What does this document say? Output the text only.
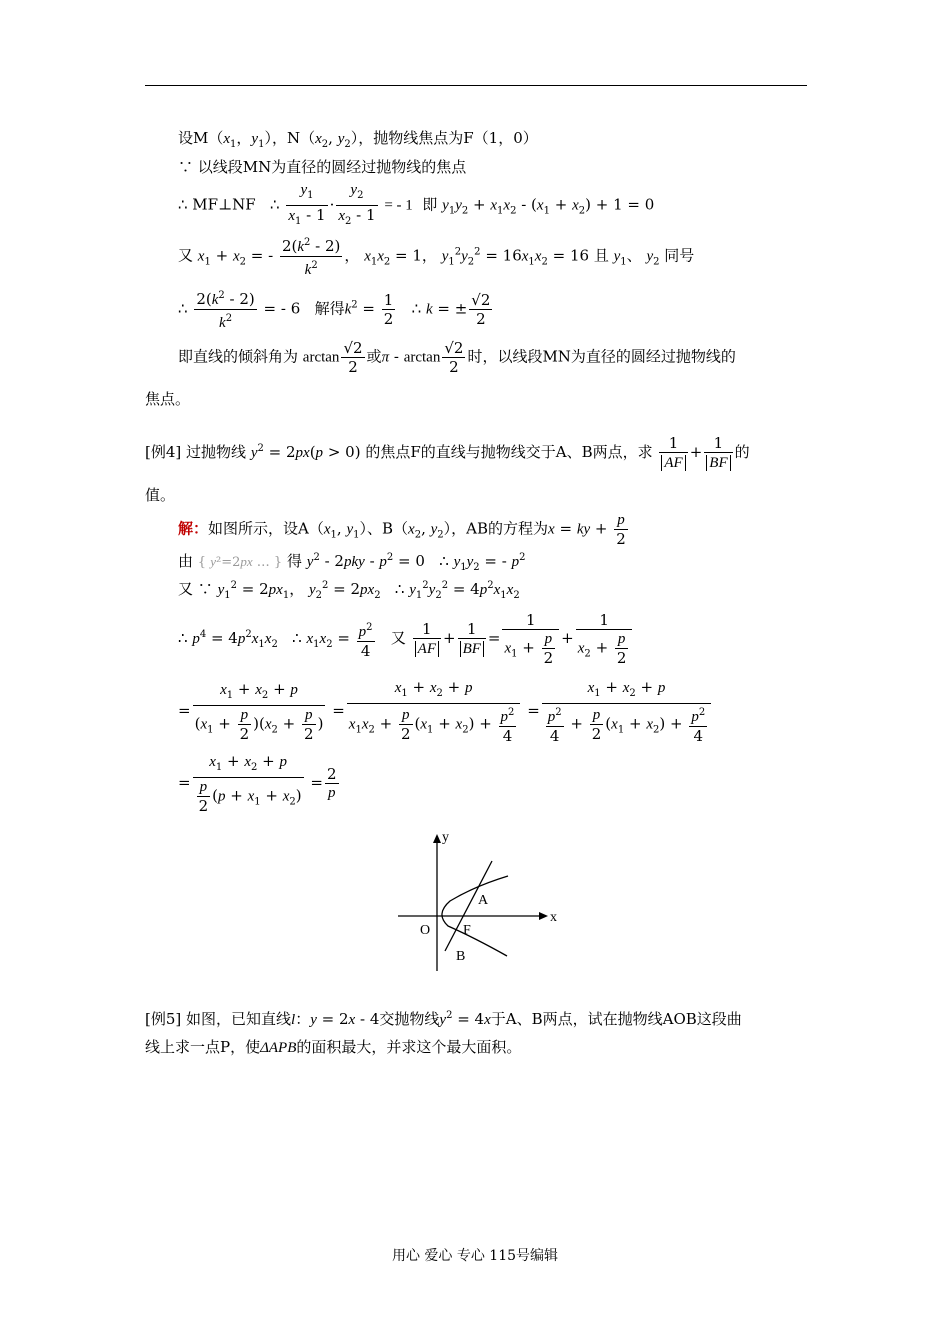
设$M(x_1$，$y_1$），$N(x_2$, $y_2$），抛物线焦点为F（1，0）
∵ 以线段MN为直径的圆经过抛物线的焦点
∴ MF⊥NF ∴ $\frac{y_1}{x_1 - 1} \cdot \frac{y_2}{x_2 - 1}$ = - 1 即 $y_1y_2 + x_1x_2 - (x_1 + x_2) + 1 = 0$
又 $x_1 + x_2$ = - $\frac{2(k^2 - 2)}{k^2}$ ， $x_1x_2 = 1$， $y_1^2y_2^2 = 16x_1x_2 = 16$ 且 $y_1$、 $y_2$ 同号
∴ $\frac{2(k^2 - 2)}{k^2}$ = - 6   解得$k^2 = \frac{1}{2}$ ∴ k = ± $\frac{√2}{2}$
即直线的倾斜角为 $\arctan \frac{√2}{2}$ 或π - $\arctan \frac{√2}{2}$ 时，以线段MN为直径的圆经过抛物线的
焦点。
[例4] 过抛物线 $y^2 = 2px(p > 0)$ 的焦点F的直线与抛物线交于A、B两点，求 $\frac{1}{AF} + \frac{1}{BF}$ 的
值。
解：如图所示，设$A(x_1$, $y_1$）、$B(x_2$, $y_2$），AB的方程为x = ky + $\frac{p}{2}$
由 { y²=2px … } 得 $y^2 - 2pky - p^2 = 0$   ∴ $y_1y_2$ = - $p^2$
又 ∵ $y_1^2 = 2px_1$， $y_2^2 = 2px_2$ ∴ $y_1^2y_2^2 = 4p^2x_1x_2$
∴ $p^4 = 4p^2x_1x_2$ ∴ $x_1x_2 = \frac{p^2}{4}$ 又 $\frac{1}{AF} + \frac{1}{BF} = \frac{1}{x_1 + \frac{p}{2}} + \frac{1}{x_2 + \frac{p}{2}}$
= $\frac{x_1 + x_2 + p}{(x_1 + \frac{p}{2} )(x_2 + \frac{p}{2} )} = \frac{x_1 + x_2 + p}{x_1x_2 + \frac{p}{2} (x_1 + x_2) + \frac{p^2}{4}} = \frac{x_1 + x_2 + p}{\frac{p^2}{4} + \frac{p}{2} (x_1 + x_2) + \frac{p^2}{4}}$
= $\frac{x_1 + x_2 + p}{\frac{p}{2} (p + x_1 + x_2)} = \frac{2}{p}$
x
y
O
A
F
B
[例5] 如图，已知直线l：y = 2x - 4交抛物线$y^2 = 4x$于A、B两点，试在抛物线AOB这段曲
线上求一点P，使ΔAPB的面积最大，并求这个最大面积。
用心 爱心 专心 115号编辑
